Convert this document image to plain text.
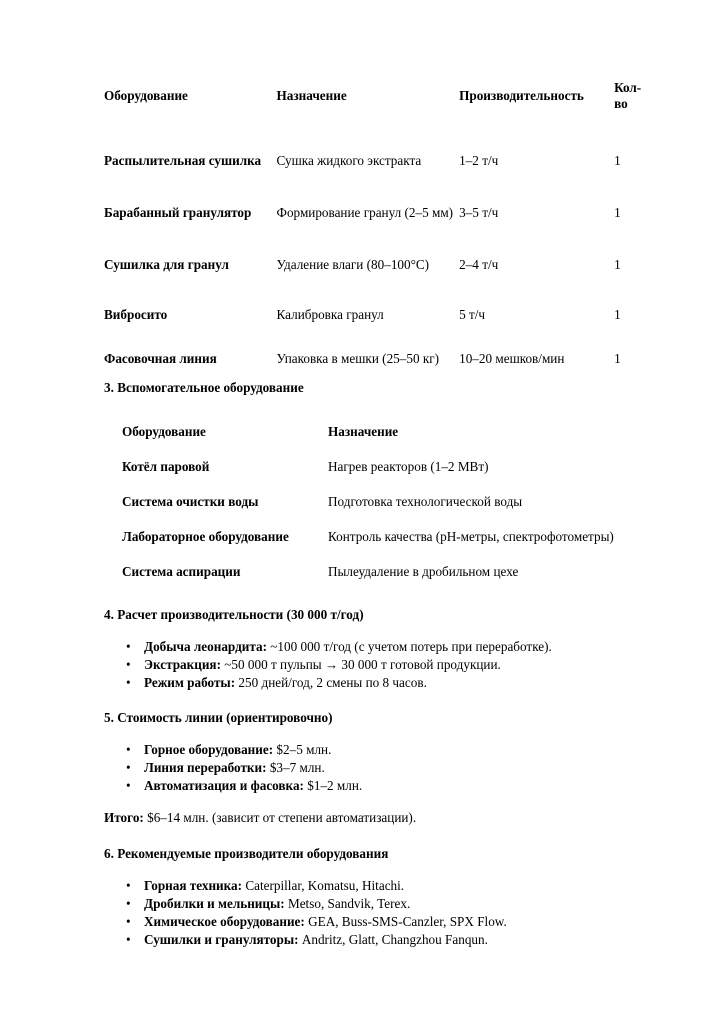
Оборудование	Назначение	Производительность	Кол-во

Распылительная сушилка	Сушка жидкого экстракта	1–2 т/ч	1

Барабанный гранулятор	Формирование гранул (2–5 мм)	3–5 т/ч	1

Сушилка для гранул	Удаление влаги (80–100°C)	2–4 т/ч	1

Вибросито	Калибровка гранул	5 т/ч	1

Фасовочная линия	Упаковка в мешки (25–50 кг)	10–20 мешков/мин	1

3. Вспомогательное оборудование

Оборудование	Назначение

Котёл паровой	Нагрев реакторов (1–2 МВт)

Система очистки воды	Подготовка технологической воды

Лабораторное оборудование	Контроль качества (pH-метры, спектрофотометры)

Система аспирации	Пылеудаление в дробильном цехе

4. Расчет производительности (30 000 т/год)

• Добыча леонардита: ~100 000 т/год (с учетом потерь при переработке).
• Экстракция: ~50 000 т пульпы → 30 000 т готовой продукции.
• Режим работы: 250 дней/год, 2 смены по 8 часов.

5. Стоимость линии (ориентировочно)

• Горное оборудование: $2–5 млн.
• Линия переработки: $3–7 млн.
• Автоматизация и фасовка: $1–2 млн.

Итого: $6–14 млн. (зависит от степени автоматизации).

6. Рекомендуемые производители оборудования

• Горная техника: Caterpillar, Komatsu, Hitachi.
• Дробилки и мельницы: Metso, Sandvik, Terex.
• Химическое оборудование: GEA, Buss-SMS-Canzler, SPX Flow.
• Сушилки и грануляторы: Andritz, Glatt, Changzhou Fanqun.
